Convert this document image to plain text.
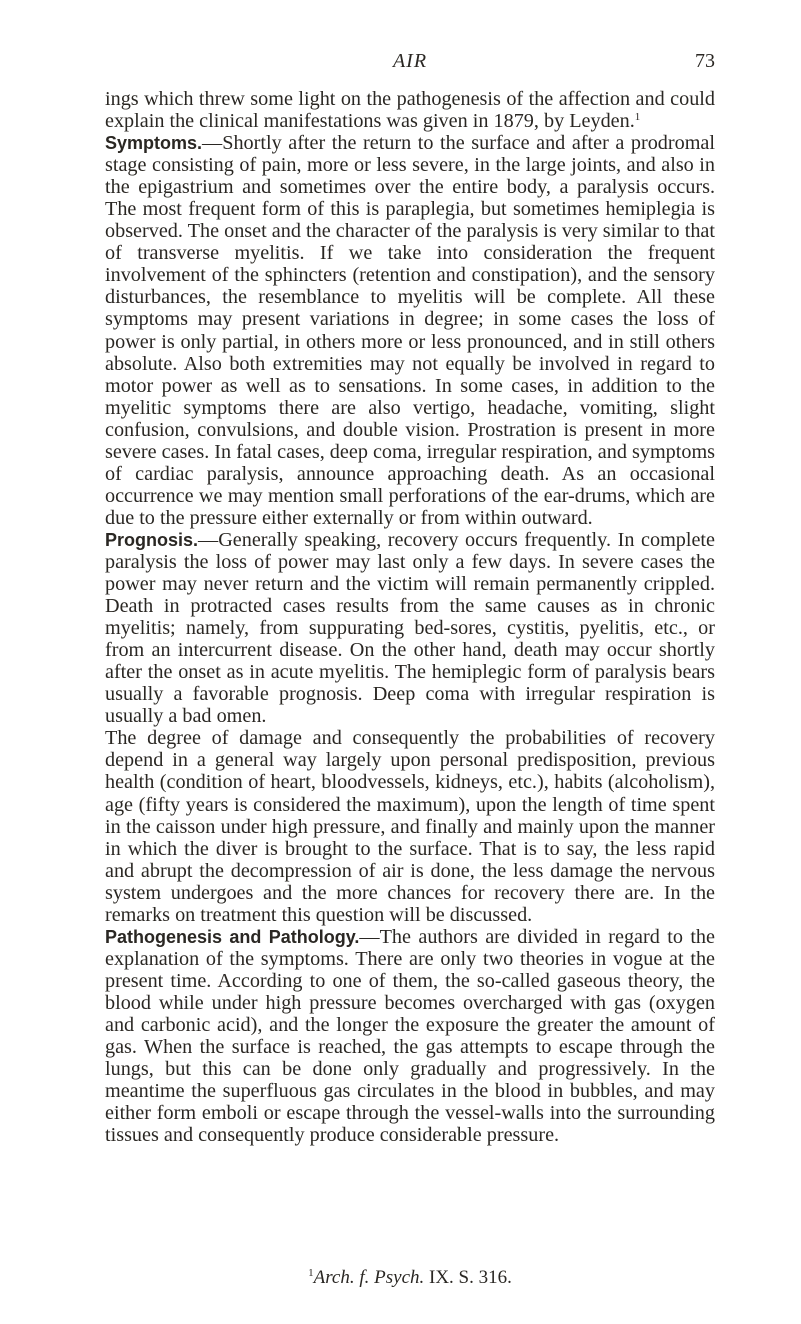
AIR	73

ings which threw some light on the pathogenesis of the affection and could explain the clinical manifestations was given in 1879, by Leyden.$^1$

Symptoms.—Shortly after the return to the surface and after a prodromal stage consisting of pain, more or less severe, in the large joints, and also in the epigastrium and sometimes over the entire body, a paralysis occurs. The most frequent form of this is paraplegia, but sometimes hemiplegia is observed. The onset and the character of the paralysis is very similar to that of transverse myelitis. If we take into consideration the frequent involvement of the sphincters (retention and constipation), and the sensory disturbances, the resemblance to myelitis will be complete. All these symptoms may present variations in degree; in some cases the loss of power is only partial, in others more or less pronounced, and in still others absolute. Also both extremities may not equally be involved in regard to motor power as well as to sensations. In some cases, in addition to the myelitic symptoms there are also vertigo, headache, vomiting, slight confusion, convulsions, and double vision. Prostration is present in more severe cases. In fatal cases, deep coma, irregular respiration, and symptoms of cardiac paralysis, announce approaching death. As an occasional occurrence we may mention small perforations of the ear-drums, which are due to the pressure either externally or from within outward.

Prognosis.—Generally speaking, recovery occurs frequently. In complete paralysis the loss of power may last only a few days. In severe cases the power may never return and the victim will remain permanently crippled. Death in protracted cases results from the same causes as in chronic myelitis; namely, from suppurating bed-sores, cystitis, pyelitis, etc., or from an intercurrent disease. On the other hand, death may occur shortly after the onset as in acute myelitis. The hemiplegic form of paralysis bears usually a favorable prognosis. Deep coma with irregular respiration is usually a bad omen.

The degree of damage and consequently the probabilities of recovery depend in a general way largely upon personal predisposition, previous health (condition of heart, bloodvessels, kidneys, etc.), habits (alcoholism), age (fifty years is considered the maximum), upon the length of time spent in the caisson under high pressure, and finally and mainly upon the manner in which the diver is brought to the surface. That is to say, the less rapid and abrupt the decompression of air is done, the less damage the nervous system undergoes and the more chances for recovery there are. In the remarks on treatment this question will be discussed.

Pathogenesis and Pathology.—The authors are divided in regard to the explanation of the symptoms. There are only two theories in vogue at the present time. According to one of them, the so-called gaseous theory, the blood while under high pressure becomes overcharged with gas (oxygen and carbonic acid), and the longer the exposure the greater the amount of gas. When the surface is reached, the gas attempts to escape through the lungs, but this can be done only gradually and progressively. In the meantime the superfluous gas circulates in the blood in bubbles, and may either form emboli or escape through the vessel-walls into the surrounding tissues and consequently produce considerable pressure.

$^1$Arch. f. Psych. IX. S. 316.
